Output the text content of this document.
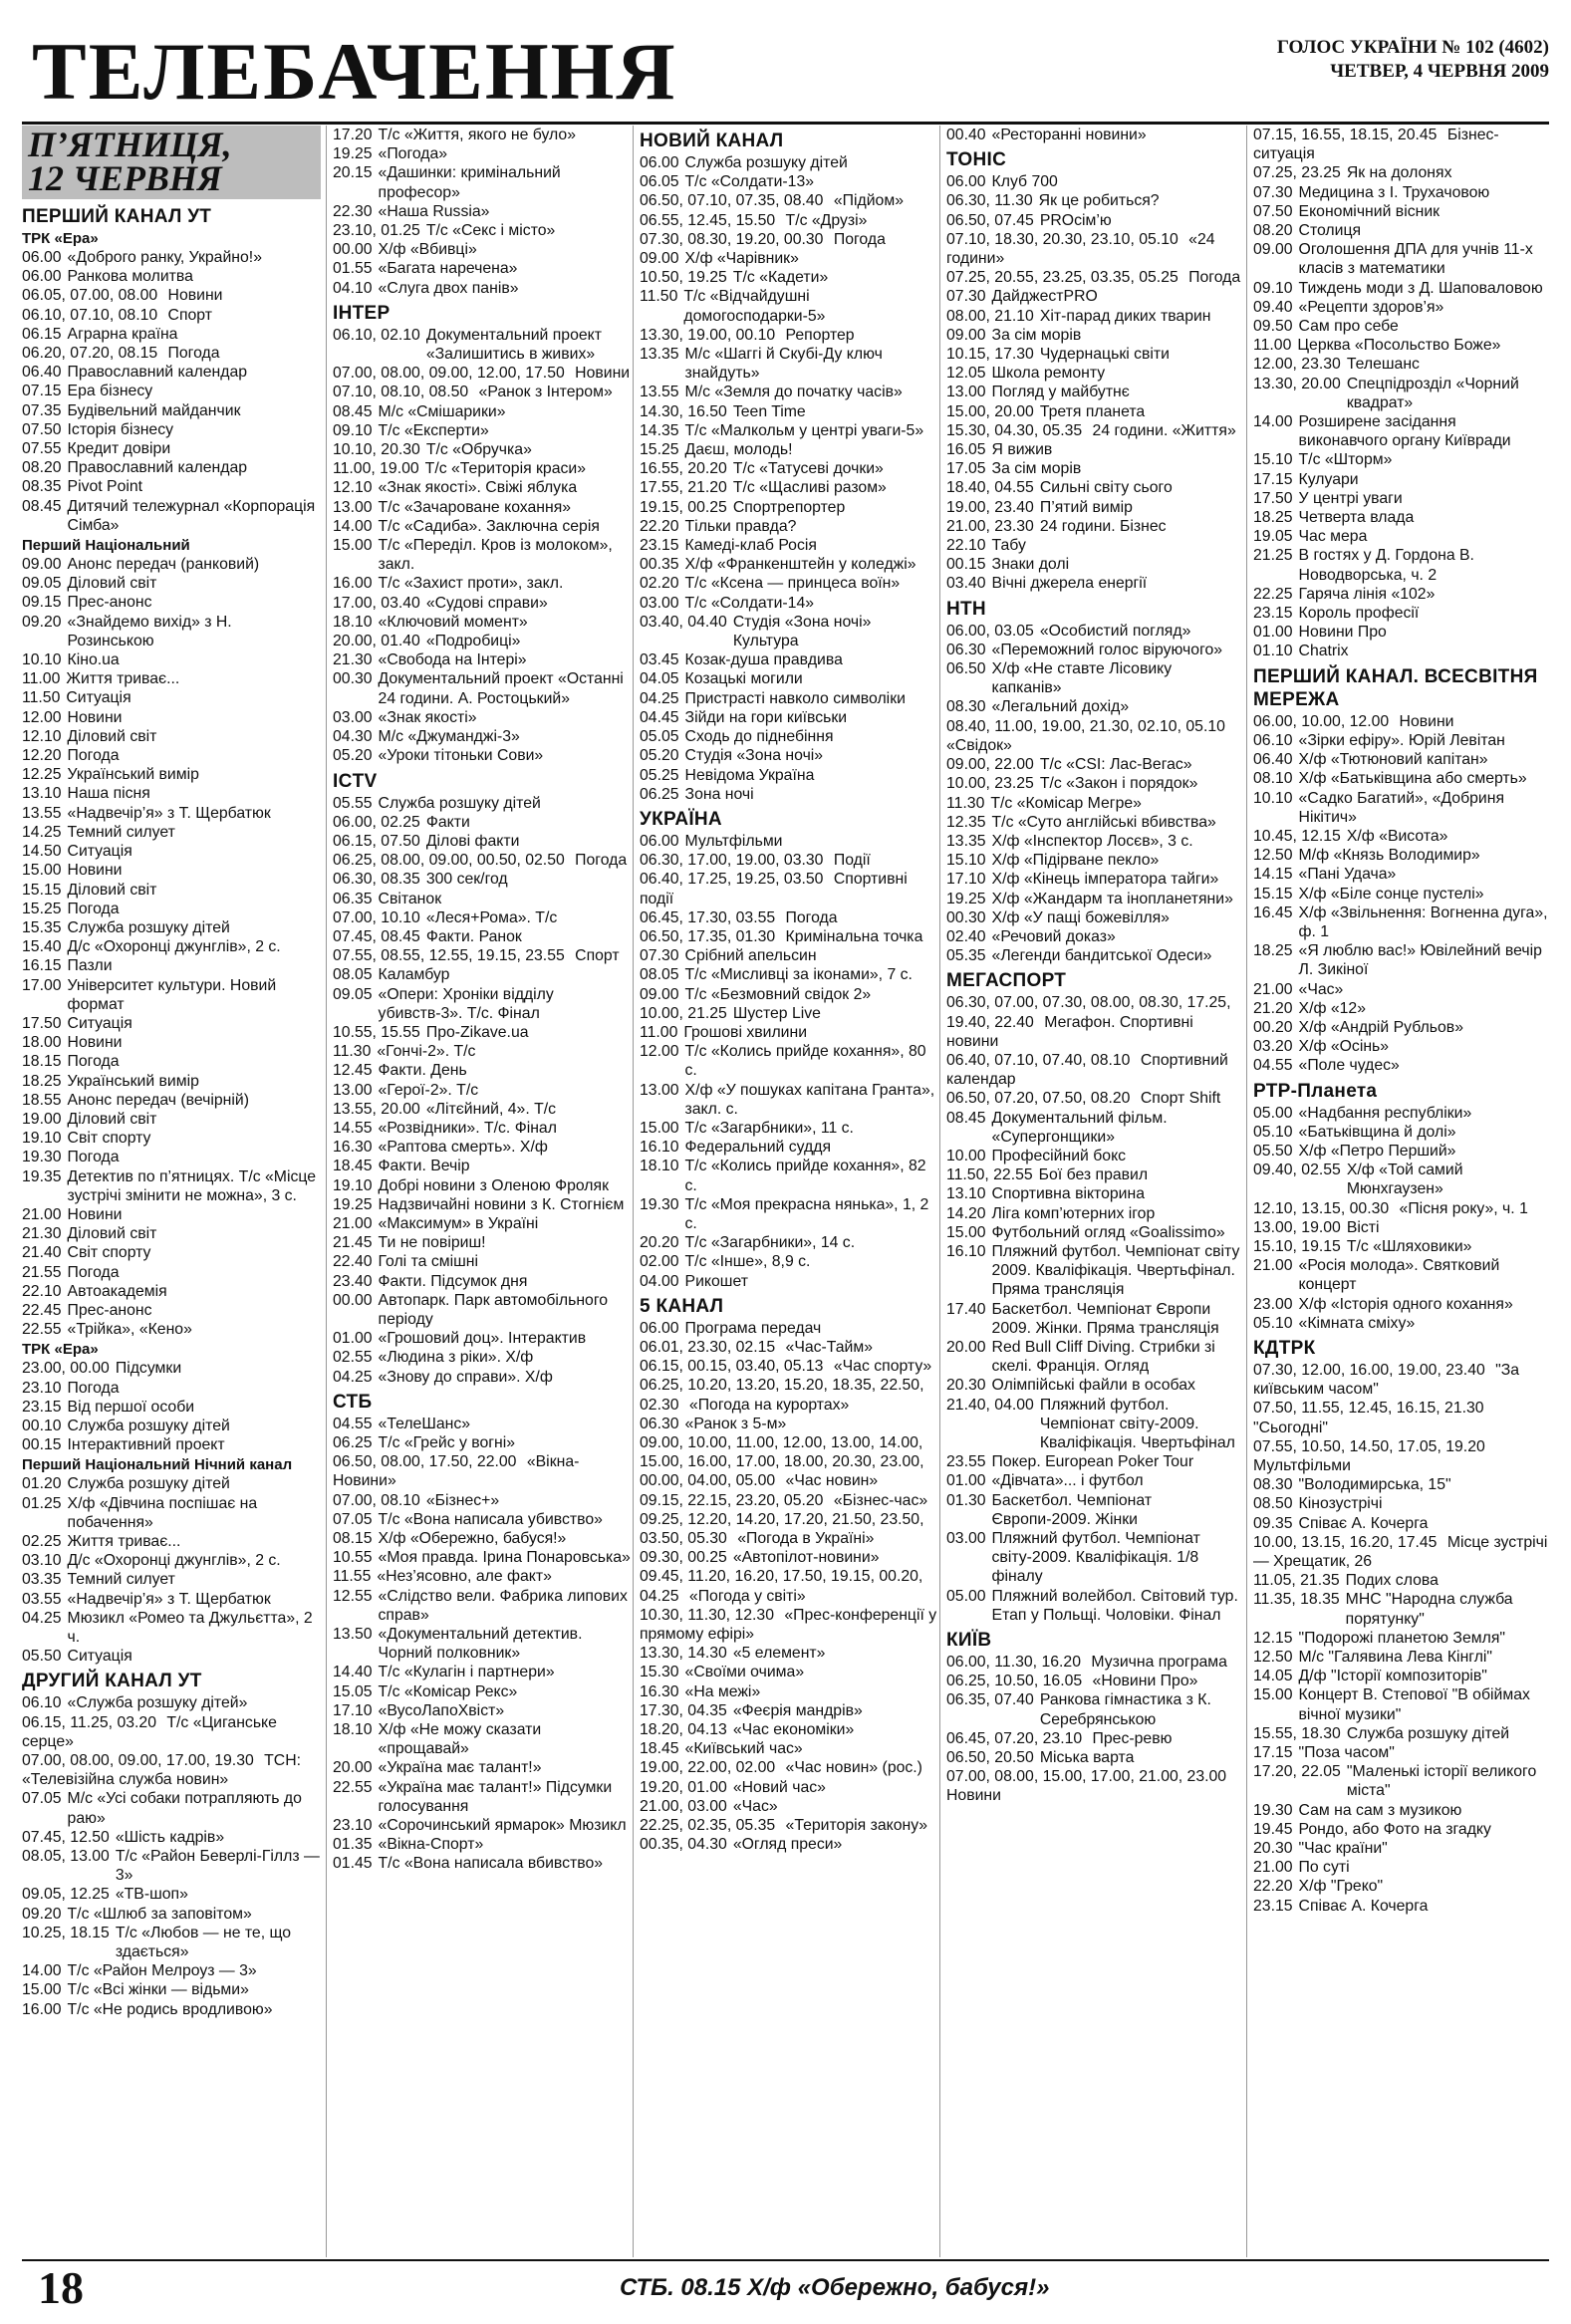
ТЕЛЕБАЧЕННЯ	ГОЛОС УКРАЇНИ № 102 (4602)
ЧЕТВЕР, 4 ЧЕРВНЯ 2009
П’ЯТНИЦЯ,
12 ЧЕРВНЯ
ПЕРШИЙ КАНАЛ УТ
ТРК «Ера»
06.00 «Доброго ранку, Украйно!»
06.00 Ранкова молитва
06.05, 07.00, 08.00 Новини
06.10, 07.10, 08.10 Спорт
06.15 Аграрна країна
06.20, 07.20, 08.15 Погода
06.40 Православний календар
07.15 Ера бізнесу
07.35 Будівельний майданчик
07.50 Історія бізнесу
07.55 Кредит довіри
08.20 Православний календар
08.35 Pivot Point
08.45 Дитячий тележурнал «Корпорація Сімба»
Перший Національний
09.00 Анонс передач (ранковий)
09.05 Діловий світ
09.15 Прес-анонс
09.20 «Знайдемо вихід» з Н. Розинською
10.10 Кіно.ua
11.00 Життя триває...
11.50 Ситуація
12.00 Новини
12.10 Діловий світ
12.20 Погода
12.25 Український вимір
13.10 Наша пісня
13.55 «Надвечір’я» з Т. Щербатюк
14.25 Темний силует
14.50 Ситуація
15.00 Новини
15.15 Діловий світ
15.25 Погода
15.35 Служба розшуку дітей
15.40 Д/с «Охоронці джунглів», 2 с.
16.15 Пазли
17.00 Університет культури. Новий формат
17.50 Ситуація
18.00 Новини
18.15 Погода
18.25 Український вимір
18.55 Анонс передач (вечірній)
19.00 Діловий світ
19.10 Світ спорту
19.30 Погода
19.35 Детектив по п’ятницях. Т/с «Місце зустрічі змінити не можна», 3 с.
21.00 Новини
21.30 Діловий світ
21.40 Світ спорту
21.55 Погода
22.10 Автоакадемія
22.45 Прес-анонс
22.55 «Трійка», «Кено»
ТРК «Ера»
23.00, 00.00 Підсумки
23.10 Погода
23.15 Від першої особи
00.10 Служба розшуку дітей
00.15 Інтерактивний проект
Перший Національний Нічний канал
01.20 Служба розшуку дітей
01.25 Х/ф «Дівчина поспішає на побачення»
02.25 Життя триває...
03.10 Д/с «Охоронці джунглів», 2 с.
03.35 Темний силует
03.55 «Надвечір’я» з Т. Щербатюк
04.25 Мюзикл «Ромео та Джульєтта», 2 ч.
05.50 Ситуація
ДРУГИЙ КАНАЛ УТ
06.10 «Служба розшуку дітей»
06.15, 11.25, 03.20 Т/с «Циганське серце»
07.00, 08.00, 09.00, 17.00, 19.30 ТСН: «Телевізійна служба новин»
07.05 М/с «Усі собаки потрапляють до раю»
07.45, 12.50 «Шість кадрів»
08.05, 13.00 Т/с «Район Беверлі-Гіллз — 3»
09.05, 12.25 «ТВ-шоп»
09.20 Т/с «Шлюб за заповітом»
10.25, 18.15 Т/с «Любов — не те, що здається»
14.00 Т/с «Район Мелроуз — 3»
15.00 Т/с «Всі жінки — відьми»
16.00 Т/с «Не родись вродливою»
17.20 Т/с «Життя, якого не було»
19.25 «Погода»
20.15 «Дашинки: кримінальний професор»
22.30 «Наша Russia»
23.10, 01.25 Т/с «Секс і місто»
00.00 Х/ф «Вбивці»
01.55 «Багата наречена»
04.10 «Слуга двох панів»
ІНТЕР
06.10, 02.10 Документальний проект «Залишитись в живих»
07.00, 08.00, 09.00, 12.00, 17.50 Новини
07.10, 08.10, 08.50 «Ранок з Інтером»
08.45 М/с «Смішарики»
09.10 Т/с «Експерти»
10.10, 20.30 Т/с «Обручка»
11.00, 19.00 Т/с «Територія краси»
12.10 «Знак якості». Свіжі яблука
13.00 Т/с «Зачароване кохання»
14.00 Т/с «Садиба». Заключна серія
15.00 Т/с «Переділ. Кров із молоком», закл.
16.00 Т/с «Захист проти», закл.
17.00, 03.40 «Судові справи»
18.10 «Ключовий момент»
20.00, 01.40 «Подробиці»
21.30 «Свобода на Інтері»
00.30 Документальний проект «Останні 24 години. А. Ростоцький»
03.00 «Знак якості»
04.30 М/с «Джуманджі-3»
05.20 «Уроки тітоньки Сови»
ICTV
05.55 Служба розшуку дітей
06.00, 02.25 Факти
06.15, 07.50 Ділові факти
06.25, 08.00, 09.00, 00.50, 02.50 Погода
06.30, 08.35 300 сек/год
06.35 Світанок
07.00, 10.10 «Леся+Рома». Т/с
07.45, 08.45 Факти. Ранок
07.55, 08.55, 12.55, 19.15, 23.55 Спорт
08.05 Каламбур
09.05 «Опери: Хроніки відділу убивств-3». Т/с. Фінал
10.55, 15.55 Про-Zikave.ua
11.30 «Гончі-2». Т/с
12.45 Факти. День
13.00 «Герої-2». Т/с
13.55, 20.00 «Літєйний, 4». Т/с
14.55 «Розвідники». Т/с. Фінал
16.30 «Раптова смерть». Х/ф
18.45 Факти. Вечір
19.10 Добрі новини з Оленою Фроляк
19.25 Надзвичайні новини з К. Стогнієм
21.00 «Максимум» в Україні
21.45 Ти не повіриш!
22.40 Голі та смішні
23.40 Факти. Підсумок дня
00.00 Автопарк. Парк автомобільного періоду
01.00 «Грошовий доц». Інтерактив
02.55 «Людина з ріки». Х/ф
04.25 «Знову до справи». Х/ф
СТБ
04.55 «ТелеШанс»
06.25 Т/с «Грейс у вогні»
06.50, 08.00, 17.50, 22.00 «Вікна-Новини»
07.00, 08.10 «Бізнес+»
07.05 Т/с «Вона написала убивство»
08.15 Х/ф «Обережно, бабуся!»
10.55 «Моя правда. Ірина Понаровська»
11.55 «Нез’ясовно, але факт»
12.55 «Слідство вели. Фабрика липових справ»
13.50 «Документальний детектив. Чорний полковник»
14.40 Т/с «Кулагін і партнери»
15.05 Т/с «Комісар Рекс»
17.10 «ВусоЛапоХвіст»
18.10 Х/ф «Не можу сказати «прощавай»
20.00 «Україна має талант!»
22.55 «Україна має талант!» Підсумки голосування
23.10 «Сорочинський ярмарок» Мюзикл
01.35 «Вікна-Спорт»
01.45 Т/с «Вона написала вбивство»
НОВИЙ КАНАЛ
06.00 Служба розшуку дітей
06.05 Т/с «Солдати-13»
06.50, 07.10, 07.35, 08.40 «Підйом»
06.55, 12.45, 15.50 Т/с «Друзі»
07.30, 08.30, 19.20, 00.30 Погода
09.00 Х/ф «Чарівник»
10.50, 19.25 Т/с «Кадети»
11.50 Т/с «Відчайдушні домогосподарки-5»
13.30, 19.00, 00.10 Репортер
13.35 М/с «Шаггі й Скубі-Ду ключ знайдуть»
13.55 М/с «Земля до початку часів»
14.30, 16.50 Teen Time
14.35 Т/с «Малкольм у центрі уваги-5»
15.25 Даєш, молодь!
16.55, 20.20 Т/с «Татусеві дочки»
17.55, 21.20 Т/с «Щасливі разом»
19.15, 00.25 Спортрепортер
22.20 Тільки правда?
23.15 Камеді-клаб Росія
00.35 Х/ф «Франкенштейн у коледжі»
02.20 Т/с «Ксена — принцеса воїн»
03.00 Т/с «Солдати-14»
03.40, 04.40 Студія «Зона ночі» Культура
03.45 Козак-душа правдива
04.05 Козацькі могили
04.25 Пристрасті навколо символіки
04.45 Зійди на гори київськи
05.05 Сходь до піднебіння
05.20 Студія «Зона ночі»
05.25 Невідома Україна
06.25 Зона ночі
УКРАЇНА
06.00 Мультфільми
06.30, 17.00, 19.00, 03.30 Події
06.40, 17.25, 19.25, 03.50 Спортивні події
06.45, 17.30, 03.55 Погода
06.50, 17.35, 01.30 Кримінальна точка
07.30 Срібний апельсин
08.05 Т/с «Мисливці за іконами», 7 с.
09.00 Т/с «Безмовний свідок 2»
10.00, 21.25 Шустер Live
11.00 Грошові хвилини
12.00 Т/с «Колись прийде кохання», 80 с.
13.00 Х/ф «У пошуках капітана Гранта», закл. с.
15.00 Т/с «Загарбники», 11 с.
16.10 Федеральний суддя
18.10 Т/с «Колись прийде кохання», 82 с.
19.30 Т/с «Моя прекрасна нянька», 1, 2 с.
20.20 Т/с «Загарбники», 14 с.
02.00 Т/с «Інше», 8,9 с.
04.00 Рикошет
5 КАНАЛ
06.00 Програма передач
06.01, 23.30, 02.15 «Час-Тайм»
06.15, 00.15, 03.40, 05.13 «Час спорту»
06.25, 10.20, 13.20, 15.20, 18.35, 22.50, 02.30 «Погода на курортах»
06.30 «Ранок з 5-м»
09.00, 10.00, 11.00, 12.00, 13.00, 14.00, 15.00, 16.00, 17.00, 18.00, 20.30, 23.00, 00.00, 04.00, 05.00 «Час новин»
09.15, 22.15, 23.20, 05.20 «Бізнес-час»
09.25, 12.20, 14.20, 17.20, 21.50, 23.50, 03.50, 05.30 «Погода в Україні»
09.30, 00.25 «Автопілот-новини»
09.45, 11.20, 16.20, 17.50, 19.15, 00.20, 04.25 «Погода у світі»
10.30, 11.30, 12.30 «Прес-конференції у прямому ефірі»
13.30, 14.30 «5 елемент»
15.30 «Своїми очима»
16.30 «На межі»
17.30, 04.35 «Феєрія мандрів»
18.20, 04.13 «Час економіки»
18.45 «Київський час»
19.00, 22.00, 02.00 «Час новин» (рос.)
19.20, 01.00 «Новий час»
21.00, 03.00 «Час»
22.25, 02.35, 05.35 «Територія закону»
00.35, 04.30 «Огляд преси»
00.40 «Ресторанні новини»
ТОНІС
06.00 Клуб 700
06.30, 11.30 Як це робиться?
06.50, 07.45 PROсім’ю
07.10, 18.30, 20.30, 23.10, 05.10 «24 години»
07.25, 20.55, 23.25, 03.35, 05.25 Погода
07.30 ДайджестPRO
08.00, 21.10 Хіт-парад диких тварин
09.00 За сім морів
10.15, 17.30 Чудернацькі світи
12.05 Школа ремонту
13.00 Погляд у майбутнє
15.00, 20.00 Третя планета
15.30, 04.30, 05.35 24 години. «Життя»
16.05 Я вижив
17.05 За сім морів
18.40, 04.55 Сильні світу сього
19.00, 23.40 П’ятий вимір
21.00, 23.30 24 години. Бізнес
22.10 Табу
00.15 Знаки долі
03.40 Вічні джерела енергії
НТН
06.00, 03.05 «Особистий погляд»
06.30 «Переможний голос віруючого»
06.50 Х/ф «Не ставте Лісовику капканів»
08.30 «Легальний дохід»
08.40, 11.00, 19.00, 21.30, 02.10, 05.10 «Свідок»
09.00, 22.00 Т/с «CSI: Лас-Вегас»
10.00, 23.25 Т/с «Закон і порядок»
11.30 Т/с «Комісар Мегре»
12.35 Т/с «Суто англійські вбивства»
13.35 Х/ф «Інспектор Лосєв», 3 с.
15.10 Х/ф «Підірване пекло»
17.10 Х/ф «Кінець імператора тайги»
19.25 Х/ф «Жандарм та інопланетяни»
00.30 Х/ф «У пащі божевілля»
02.40 «Речовий доказ»
05.35 «Легенди бандитської Одеси»
МЕГАСПОРТ
06.30, 07.00, 07.30, 08.00, 08.30, 17.25, 19.40, 22.40 Мегафон. Спортивні новини
06.40, 07.10, 07.40, 08.10 Спортивний календар
06.50, 07.20, 07.50, 08.20 Спорт Shift
08.45 Документальний фільм. «Супергонщики»
10.00 Професійний бокс
11.50, 22.55 Бої без правил
13.10 Спортивна вікторина
14.20 Ліга комп’ютерних ігор
15.00 Футбольний огляд «Goalissimo»
16.10 Пляжний футбол. Чемпіонат світу 2009. Кваліфікація. Чвертьфінал. Пряма трансляція
17.40 Баскетбол. Чемпіонат Європи 2009. Жінки. Пряма трансляція
20.00 Red Bull Cliff Diving. Стрибки зі скелі. Франція. Огляд
20.30 Олімпійські файли в особах
21.40, 04.00 Пляжний футбол. Чемпіонат світу-2009. Кваліфікація. Чвертьфінал
23.55 Покер. European Poker Tour
01.00 «Дівчата»... і футбол
01.30 Баскетбол. Чемпіонат Європи-2009. Жінки
03.00 Пляжний футбол. Чемпіонат світу-2009. Кваліфікація. 1/8 фіналу
05.00 Пляжний волейбол. Світовий тур. Етап у Польщі. Чоловіки. Фінал
КИЇВ
06.00, 11.30, 16.20 Музична програма
06.25, 10.50, 16.05 «Новини Про»
06.35, 07.40 Ранкова гімнастика з К. Серебрянською
06.45, 07.20, 23.10 Прес-ревю
06.50, 20.50 Міська варта
07.00, 08.00, 15.00, 17.00, 21.00, 23.00 Новини
07.15, 16.55, 18.15, 20.45 Бізнес-ситуація
07.25, 23.25 Як на долонях
07.30 Медицина з І. Трухачовою
07.50 Економічний вісник
08.20 Столиця
09.00 Оголошення ДПА для учнів 11-х класів з математики
09.10 Тиждень моди з Д. Шаповаловою
09.40 «Рецепти здоров’я»
09.50 Сам про себе
11.00 Церква «Посольство Боже»
12.00, 23.30 Телешанс
13.30, 20.00 Спецпідрозділ «Чорний квадрат»
14.00 Розширене засідання виконавчого органу Київради
15.10 Т/с «Шторм»
17.15 Кулуари
17.50 У центрі уваги
18.25 Четверта влада
19.05 Час мера
21.25 В гостях у Д. Гордона В. Новодворська, ч. 2
22.25 Гаряча лінія «102»
23.15 Король професії
01.00 Новини Про
01.10 Chatrix
ПЕРШИЙ КАНАЛ. ВСЕСВІТНЯ МЕРЕЖА
06.00, 10.00, 12.00 Новини
06.10 «Зірки ефіру». Юрій Левітан
06.40 Х/ф «Тютюновий капітан»
08.10 Х/ф «Батьківщина або смерть»
10.10 «Садко Багатий», «Добриня Нікітич»
10.45, 12.15 Х/ф «Висота»
12.50 М/ф «Князь Володимир»
14.15 «Пані Удача»
15.15 Х/ф «Біле сонце пустелі»
16.45 Х/ф «Звільнення: Вогненна дуга», ф. 1
18.25 «Я люблю вас!» Ювілейний вечір Л. Зикіної
21.00 «Час»
21.20 Х/ф «12»
00.20 Х/ф «Андрій Рубльов»
03.20 Х/ф «Осінь»
04.55 «Поле чудес»
РТР-Планета
05.00 «Надбання республіки»
05.10 «Батьківщина й долі»
05.50 Х/ф «Петро Перший»
09.40, 02.55 Х/ф «Той самий Мюнхгаузен»
12.10, 13.15, 00.30 «Пісня року», ч. 1
13.00, 19.00 Вісті
15.10, 19.15 Т/с «Шляховики»
21.00 «Росія молода». Святковий концерт
23.00 Х/ф «Історія одного кохання»
05.10 «Кімната сміху»
КДТРК
07.30, 12.00, 16.00, 19.00, 23.40 "За київським часом"
07.50, 11.55, 12.45, 16.15, 21.30 "Сьогодні"
07.55, 10.50, 14.50, 17.05, 19.20 Мультфільми
08.30 "Володимирська, 15"
08.50 Кінозустрічі
09.35 Співає А. Кочерга
10.00, 13.15, 16.20, 17.45 Місце зустрічі — Хрещатик, 26
11.05, 21.35 Подих слова
11.35, 18.35 МНС "Народна служба порятунку"
12.15 "Подорожі планетою Земля"
12.50 М/с "Галявина Лева Кінглі"
14.05 Д/ф "Історії композиторів"
15.00 Концерт В. Степової "В обіймах вічної музики"
15.55, 18.30 Служба розшуку дітей
17.15 "Поза часом"
17.20, 22.05 "Маленькі історії великого міста"
19.30 Сам на сам з музикою
19.45 Рондо, або Фото на згадку
20.30 "Час країни"
21.00 По суті
22.20 Х/ф "Греко"
23.15 Співає А. Кочерга
18	СТБ. 08.15 Х/ф «Обережно, бабуся!»
